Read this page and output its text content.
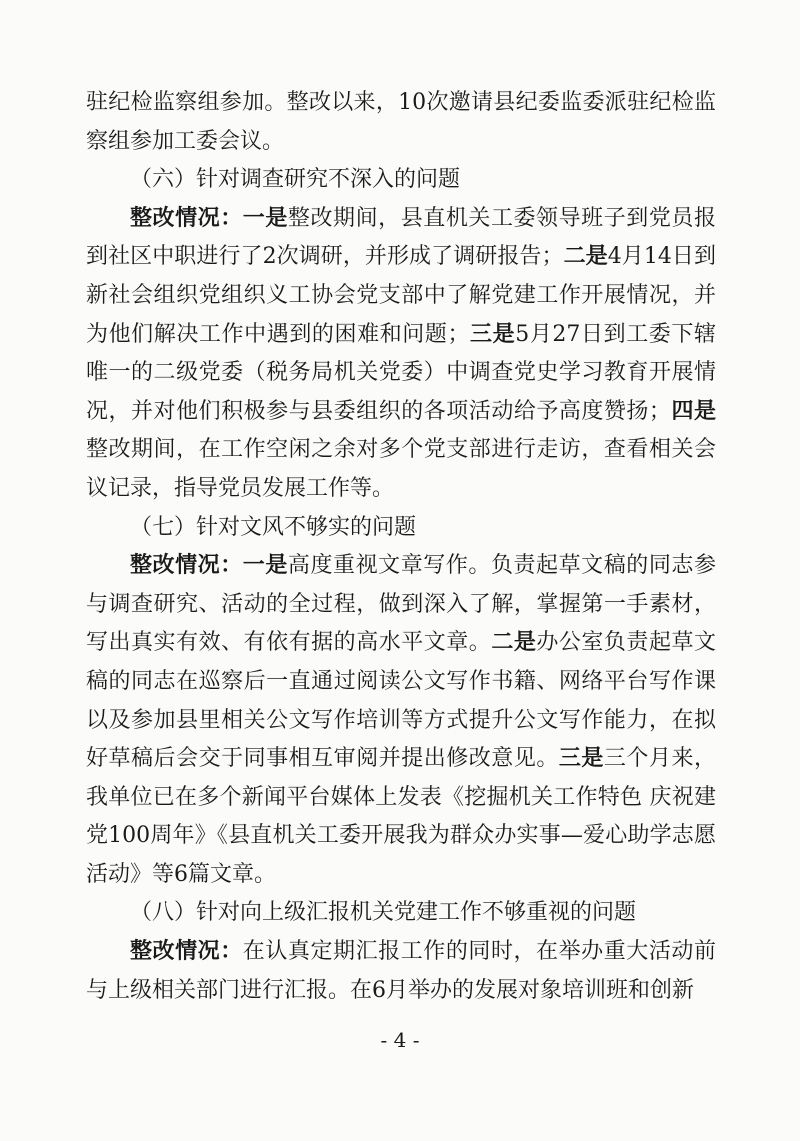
驻纪检监察组参加。整改以来，10次邀请县纪委监委派驻纪检监察组参加工委会议。

（六）针对调查研究不深入的问题

整改情况：一是整改期间，县直机关工委领导班子到党员报到社区中职进行了2次调研，并形成了调研报告；二是4月14日到新社会组织党组织义工协会党支部中了解党建工作开展情况，并为他们解决工作中遇到的困难和问题；三是5月27日到工委下辖唯一的二级党委（税务局机关党委）中调查党史学习教育开展情况，并对他们积极参与县委组织的各项活动给予高度赞扬；四是整改期间，在工作空闲之余对多个党支部进行走访，查看相关会议记录，指导党员发展工作等。

（七）针对文风不够实的问题

整改情况：一是高度重视文章写作。负责起草文稿的同志参与调查研究、活动的全过程，做到深入了解，掌握第一手素材，写出真实有效、有依有据的高水平文章。二是办公室负责起草文稿的同志在巡察后一直通过阅读公文写作书籍、网络平台写作课以及参加县里相关公文写作培训等方式提升公文写作能力，在拟好草稿后会交于同事相互审阅并提出修改意见。三是三个月来，我单位已在多个新闻平台媒体上发表《挖掘机关工作特色 庆祝建党100周年》《县直机关工委开展我为群众办实事—爱心助学志愿活动》等6篇文章。

（八）针对向上级汇报机关党建工作不够重视的问题

整改情况：在认真定期汇报工作的同时，在举办重大活动前与上级相关部门进行汇报。在6月举办的发展对象培训班和创新

- 4 -
